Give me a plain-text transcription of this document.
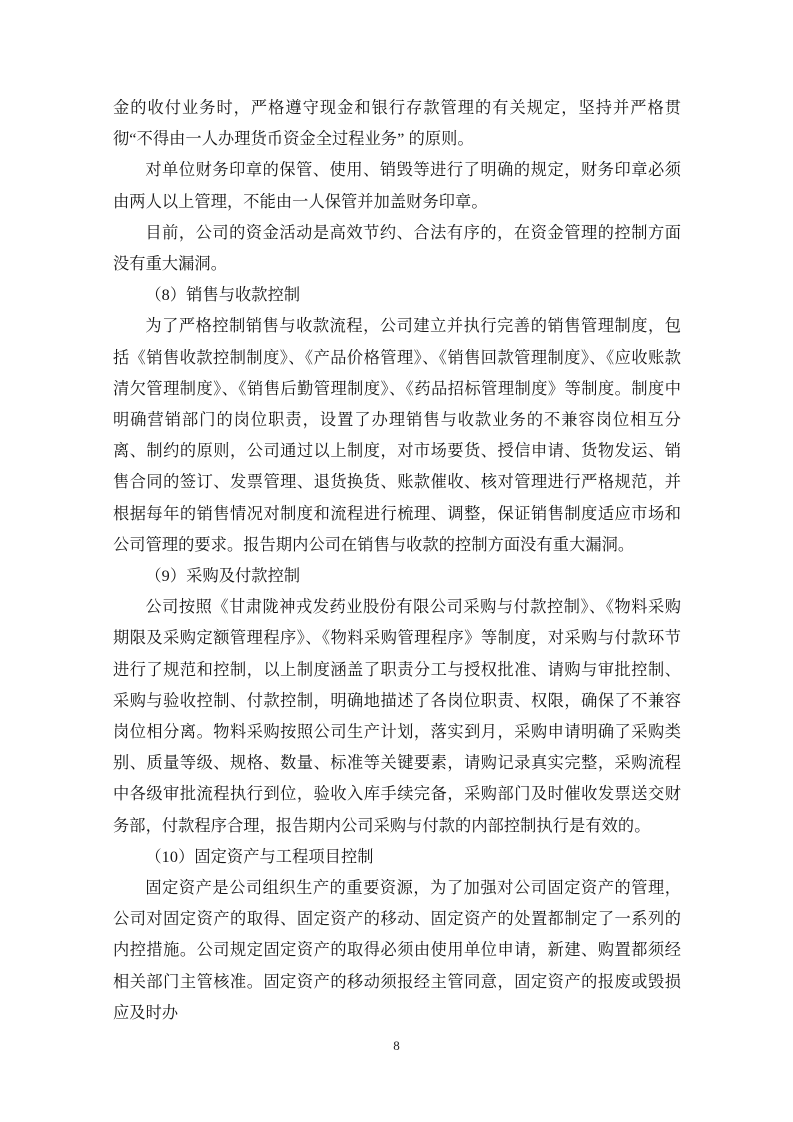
金的收付业务时，严格遵守现金和银行存款管理的有关规定，坚持并严格贯彻“不得由一人办理货币资金全过程业务” 的原则。

对单位财务印章的保管、使用、销毁等进行了明确的规定，财务印章必须由两人以上管理，不能由一人保管并加盖财务印章。

目前，公司的资金活动是高效节约、合法有序的，在资金管理的控制方面没有重大漏洞。

（8）销售与收款控制

为了严格控制销售与收款流程，公司建立并执行完善的销售管理制度，包括《销售收款控制制度》、《产品价格管理》、《销售回款管理制度》、《应收账款清欠管理制度》、《销售后勤管理制度》、《药品招标管理制度》等制度。制度中明确营销部门的岗位职责，设置了办理销售与收款业务的不兼容岗位相互分离、制约的原则，公司通过以上制度，对市场要货、授信申请、货物发运、销售合同的签订、发票管理、退货换货、账款催收、核对管理进行严格规范，并根据每年的销售情况对制度和流程进行梳理、调整，保证销售制度适应市场和公司管理的要求。报告期内公司在销售与收款的控制方面没有重大漏洞。

（9）采购及付款控制

公司按照《甘肃陇神戎发药业股份有限公司采购与付款控制》、《物料采购期限及采购定额管理程序》、《物料采购管理程序》等制度，对采购与付款环节进行了规范和控制，以上制度涵盖了职责分工与授权批准、请购与审批控制、采购与验收控制、付款控制，明确地描述了各岗位职责、权限，确保了不兼容岗位相分离。物料采购按照公司生产计划，落实到月，采购申请明确了采购类别、质量等级、规格、数量、标准等关键要素，请购记录真实完整，采购流程中各级审批流程执行到位，验收入库手续完备，采购部门及时催收发票送交财务部，付款程序合理，报告期内公司采购与付款的内部控制执行是有效的。

（10）固定资产与工程项目控制

固定资产是公司组织生产的重要资源，为了加强对公司固定资产的管理，公司对固定资产的取得、固定资产的移动、固定资产的处置都制定了一系列的内控措施。公司规定固定资产的取得必须由使用单位申请，新建、购置都须经相关部门主管核准。固定资产的移动须报经主管同意，固定资产的报废或毁损应及时办

8
